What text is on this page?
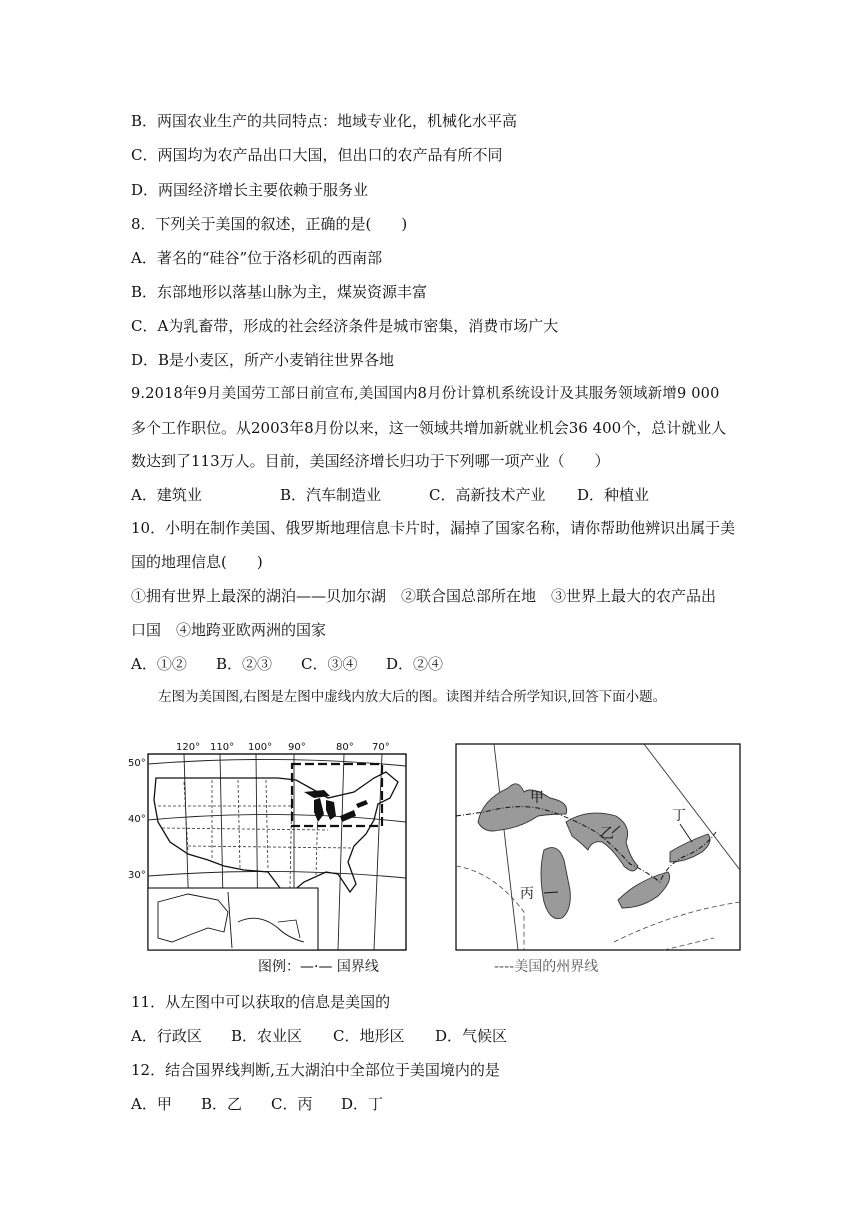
B．两国农业生产的共同特点：地域专业化，机械化水平高
C．两国均为农产品出口大国，但出口的农产品有所不同
D．两国经济增长主要依赖于服务业
8．下列关于美国的叙述，正确的是(　　)
A．著名的“硅谷”位于洛杉矶的西南部
B．东部地形以落基山脉为主，煤炭资源丰富
C．A为乳畜带，形成的社会经济条件是城市密集，消费市场广大
D．B是小麦区，所产小麦销往世界各地
9.2018年9月美国劳工部日前宣布,美国国内8月份计算机系统设计及其服务领域新增9 000
多个工作职位。从2003年8月份以来，这一领域共增加新就业机会36 400个，总计就业人
数达到了113万人。目前，美国经济增长归功于下列哪一项产业（　　）
A．建筑业	B．汽车制造业	C．高新技术产业 D．种植业
10．小明在制作美国、俄罗斯地理信息卡片时，漏掉了国家名称，请你帮助他辨识出属于美
国的地理信息(　　)
①拥有世界上最深的湖泊——贝加尔湖　②联合国总部所在地　③世界上最大的农产品出
口国　④地跨亚欧两洲的国家
A．①② B．②③ C．③④ D．②④
左图为美国图,右图是左图中虚线内放大后的图。读图并结合所学知识,回答下面小题。
120° 110° 100° 90°	80° 70°
50°
40°
30°
图例：—·— 国界线
甲
乙
丙
丁
----美国的州界线
11．从左图中可以获取的信息是美国的
A．行政区 B．农业区 C．地形区 D．气候区
12．结合国界线判断,五大湖泊中全部位于美国境内的是
A．甲 B．乙 C．丙 D．丁
